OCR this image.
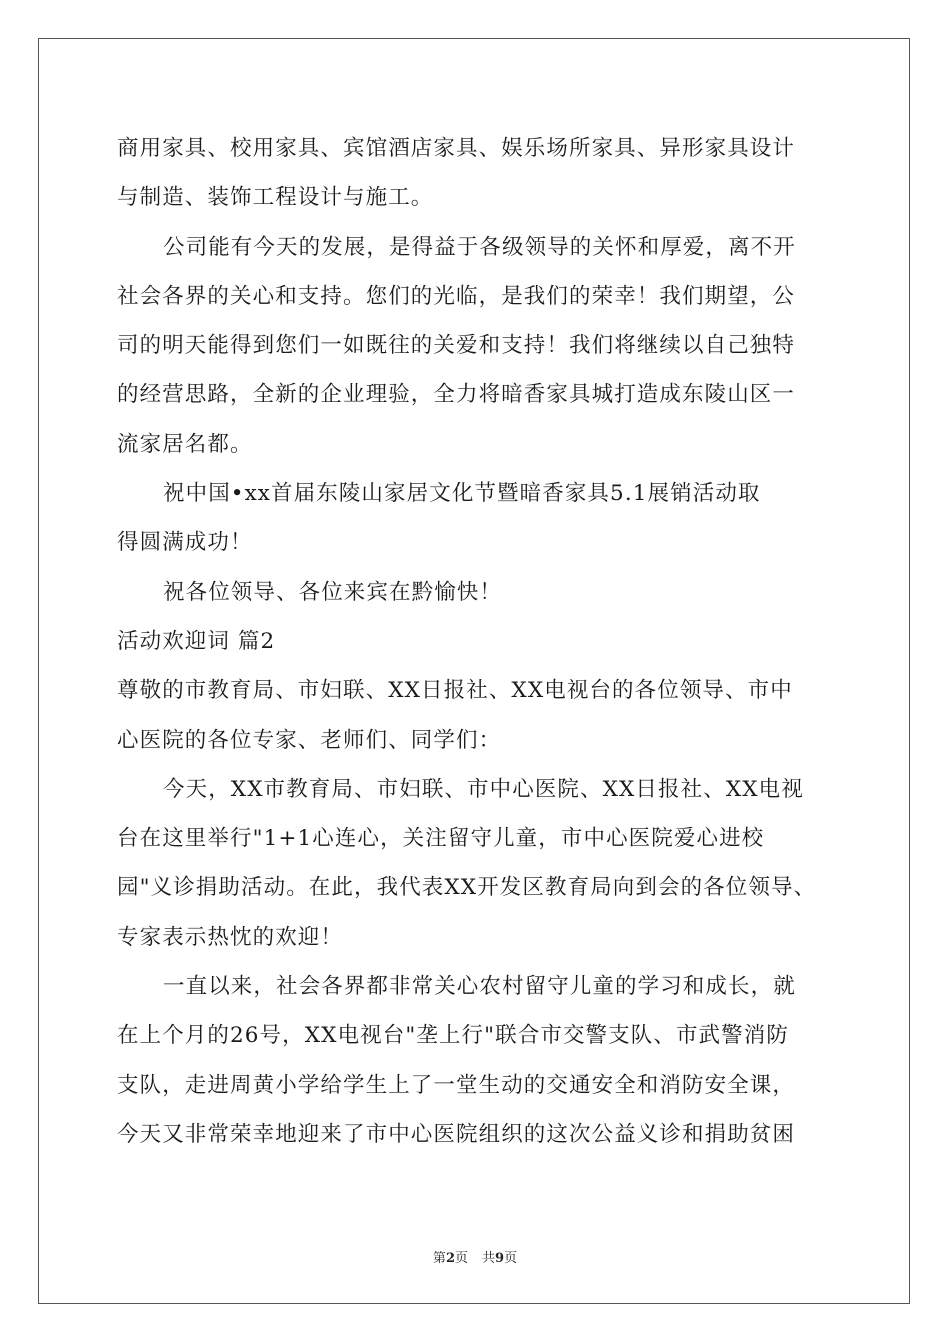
商用家具、校用家具、宾馆酒店家具、娱乐场所家具、异形家具设计
与制造、装饰工程设计与施工。
公司能有今天的发展，是得益于各级领导的关怀和厚爱，离不开
社会各界的关心和支持。您们的光临，是我们的荣幸！我们期望，公
司的明天能得到您们一如既往的关爱和支持！我们将继续以自己独特
的经营思路，全新的企业理验，全力将暗香家具城打造成东陵山区一
流家居名都。
祝中国•xx首届东陵山家居文化节暨暗香家具5.1展销活动取
得圆满成功！
祝各位领导、各位来宾在黔愉快！
活动欢迎词 篇2
尊敬的市教育局、市妇联、XX日报社、XX电视台的各位领导、市中
心医院的各位专家、老师们、同学们：
今天，XX市教育局、市妇联、市中心医院、XX日报社、XX电视
台在这里举行"1+1心连心，关注留守儿童，市中心医院爱心进校
园"义诊捐助活动。在此，我代表XX开发区教育局向到会的各位领导、
专家表示热忱的欢迎！
一直以来，社会各界都非常关心农村留守儿童的学习和成长，就
在上个月的26号，XX电视台"垄上行"联合市交警支队、市武警消防
支队，走进周黄小学给学生上了一堂生动的交通安全和消防安全课，
今天又非常荣幸地迎来了市中心医院组织的这次公益义诊和捐助贫困
第2页 共9页
